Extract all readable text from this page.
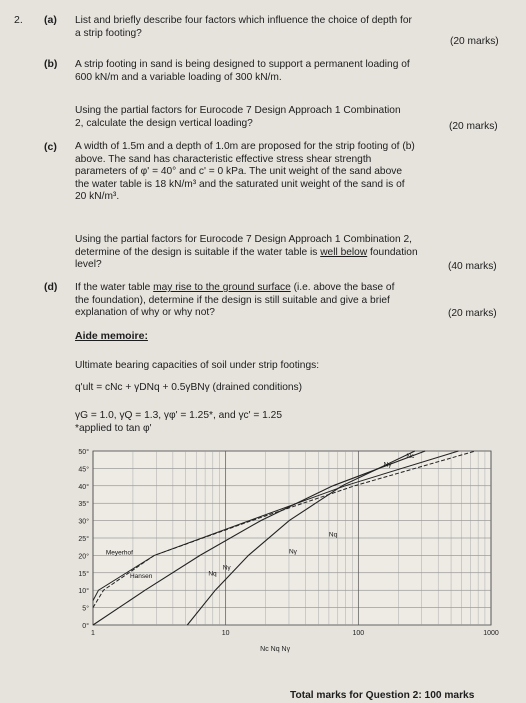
2. (a) List and briefly describe four factors which influence the choice of depth for
a strip footing?
(20 marks)
(b) A strip footing in sand is being designed to support a permanent loading of
600 kN/m and a variable loading of 300 kN/m.
Using the partial factors for Eurocode 7 Design Approach 1 Combination
2, calculate the design vertical loading?	(20 marks)
(c) A width of 1.5m and a depth of 1.0m are proposed for the strip footing of (b)
above. The sand has characteristic effective stress shear strength
parameters of φ' = 40° and c' = 0 kPa. The unit weight of the sand above
the water table is 18 kN/m³ and the saturated unit weight of the sand is of
20 kN/m³.
Using the partial factors for Eurocode 7 Design Approach 1 Combination 2,
determine of the design is suitable if the water table is well below foundation
level?	(40 marks)
(d) If the water table may rise to the ground surface (i.e. above the base of
the foundation), determine if the design is still suitable and give a brief
explanation of why or why not?	(20 marks)
Aide memoire:
Ultimate bearing capacities of soil under strip footings:
q'ult = cNc + γDNq + 0.5γBNγ (drained conditions)
γG = 1.0, γQ = 1.3, γφ' = 1.25*, and γc' = 1.25
*applied to tan φ'
0°
5°
10°
15°
20°
25°
30°
35°
40°
45°
50°
1	10	100	1000
Nc Nq Nγ
Nc
Nq
Nγ
Nγ
Meyerhof
Hansen
Nγ
Nq
Total marks for Question 2: 100 marks
